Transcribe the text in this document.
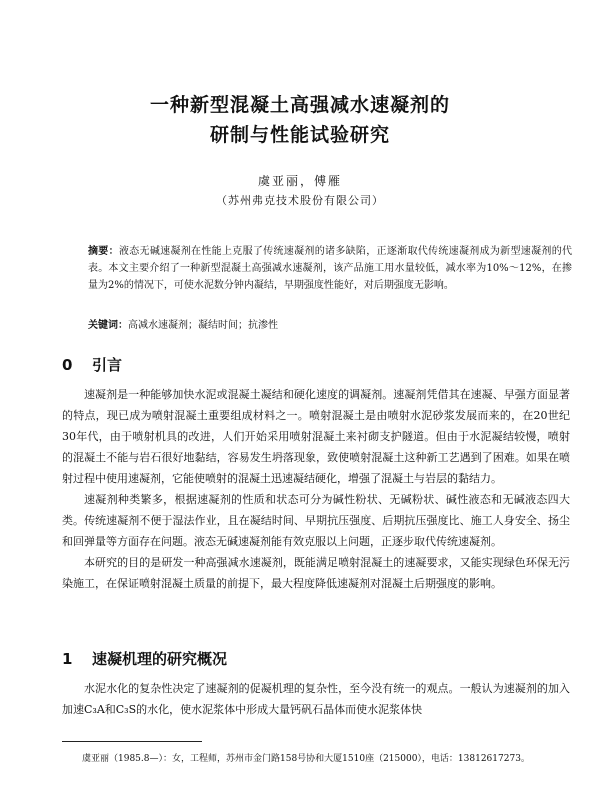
一种新型混凝土高强减水速凝剂的
研制与性能试验研究
虞亚丽，傅雁
（苏州弗克技术股份有限公司）
摘要：液态无碱速凝剂在性能上克服了传统速凝剂的诸多缺陷，正逐渐取代传统速凝剂成为新型速凝剂的代表。本文主要介绍了一种新型混凝土高强减水速凝剂，该产品施工用水量较低，减水率为10%～12%，在掺量为2%的情况下，可使水泥数分钟内凝结，早期强度性能好，对后期强度无影响。
关键词：高减水速凝剂；凝结时间；抗渗性
0 引言

速凝剂是一种能够加快水泥或混凝土凝结和硬化速度的调凝剂。速凝剂凭借其在速凝、早强方面显著的特点，现已成为喷射混凝土重要组成材料之一。喷射混凝土是由喷射水泥砂浆发展而来的，在20世纪30年代，由于喷射机具的改进，人们开始采用喷射混凝土来衬砌支护隧道。但由于水泥凝结较慢，喷射的混凝土不能与岩石很好地黏结，容易发生坍落现象，致使喷射混凝土这种新工艺遇到了困难。如果在喷射过程中使用速凝剂，它能使喷射的混凝土迅速凝结硬化，增强了混凝土与岩层的黏结力。

速凝剂种类繁多，根据速凝剂的性质和状态可分为碱性粉状、无碱粉状、碱性液态和无碱液态四大类。传统速凝剂不便于湿法作业，且在凝结时间、早期抗压强度、后期抗压强度比、施工人身安全、扬尘和回弹量等方面存在问题。液态无碱速凝剂能有效克服以上问题，正逐步取代传统速凝剂。

本研究的目的是研发一种高强减水速凝剂，既能满足喷射混凝土的速凝要求，又能实现绿色环保无污染施工，在保证喷射混凝土质量的前提下，最大程度降低速凝剂对混凝土后期强度的影响。

1 速凝机理的研究概况

水泥水化的复杂性决定了速凝剂的促凝机理的复杂性，至今没有统一的观点。一般认为速凝剂的加入加速C₃A和C₃S的水化，使水泥浆体中形成大量钙矾石晶体而使水泥浆体快

虞亚丽（1985.8—）：女，工程师，苏州市金门路158号协和大厦1510座（215000），电话：13812617273。
